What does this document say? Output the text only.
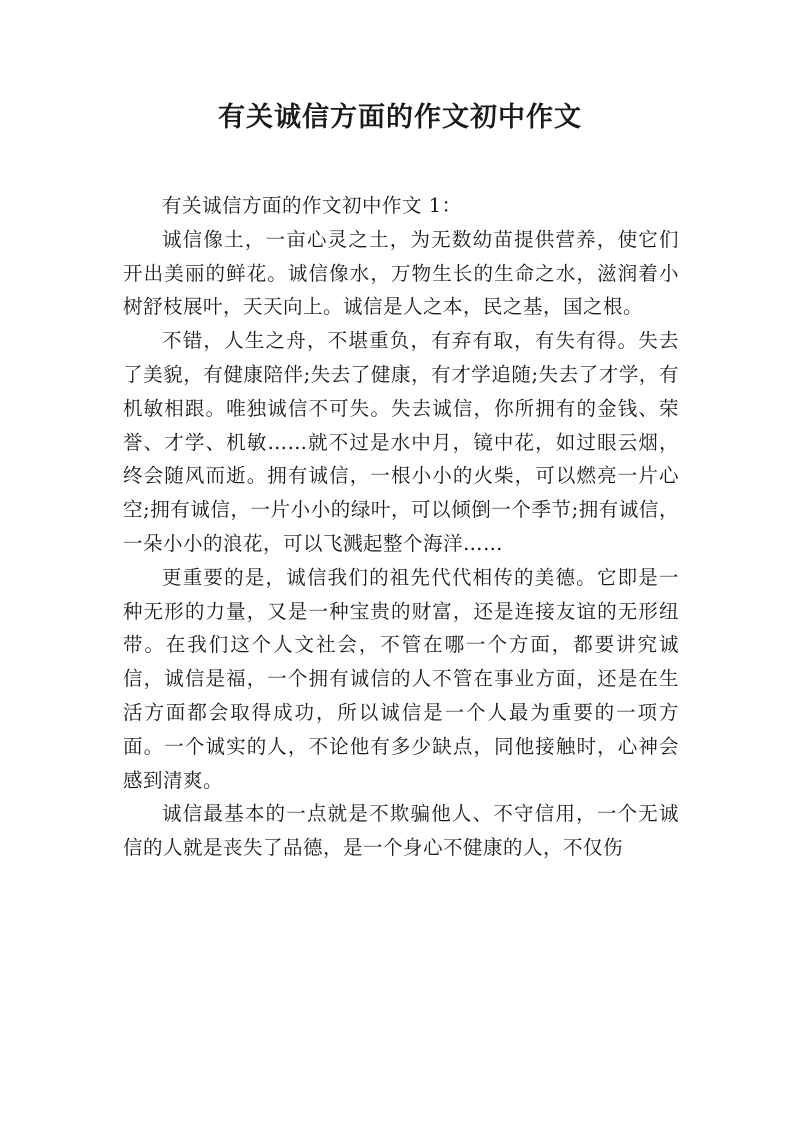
有关诚信方面的作文初中作文

有关诚信方面的作文初中作文 1：

诚信像土，一亩心灵之土，为无数幼苗提供营养，使它们开出美丽的鲜花。诚信像水，万物生长的生命之水，滋润着小树舒枝展叶，天天向上。诚信是人之本，民之基，国之根。

不错，人生之舟，不堪重负，有弃有取，有失有得。失去了美貌，有健康陪伴;失去了健康，有才学追随;失去了才学，有机敏相跟。唯独诚信不可失。失去诚信，你所拥有的金钱、荣誉、才学、机敏……就不过是水中月，镜中花，如过眼云烟，终会随风而逝。拥有诚信，一根小小的火柴，可以燃亮一片心空;拥有诚信，一片小小的绿叶，可以倾倒一个季节;拥有诚信，一朵小小的浪花，可以飞溅起整个海洋……

更重要的是，诚信我们的祖先代代相传的美德。它即是一种无形的力量，又是一种宝贵的财富，还是连接友谊的无形纽带。在我们这个人文社会，不管在哪一个方面，都要讲究诚信，诚信是福，一个拥有诚信的人不管在事业方面，还是在生活方面都会取得成功，所以诚信是一个人最为重要的一项方面。一个诚实的人，不论他有多少缺点，同他接触时，心神会感到清爽。

诚信最基本的一点就是不欺骗他人、不守信用，一个无诚信的人就是丧失了品德，是一个身心不健康的人，不仅伤
